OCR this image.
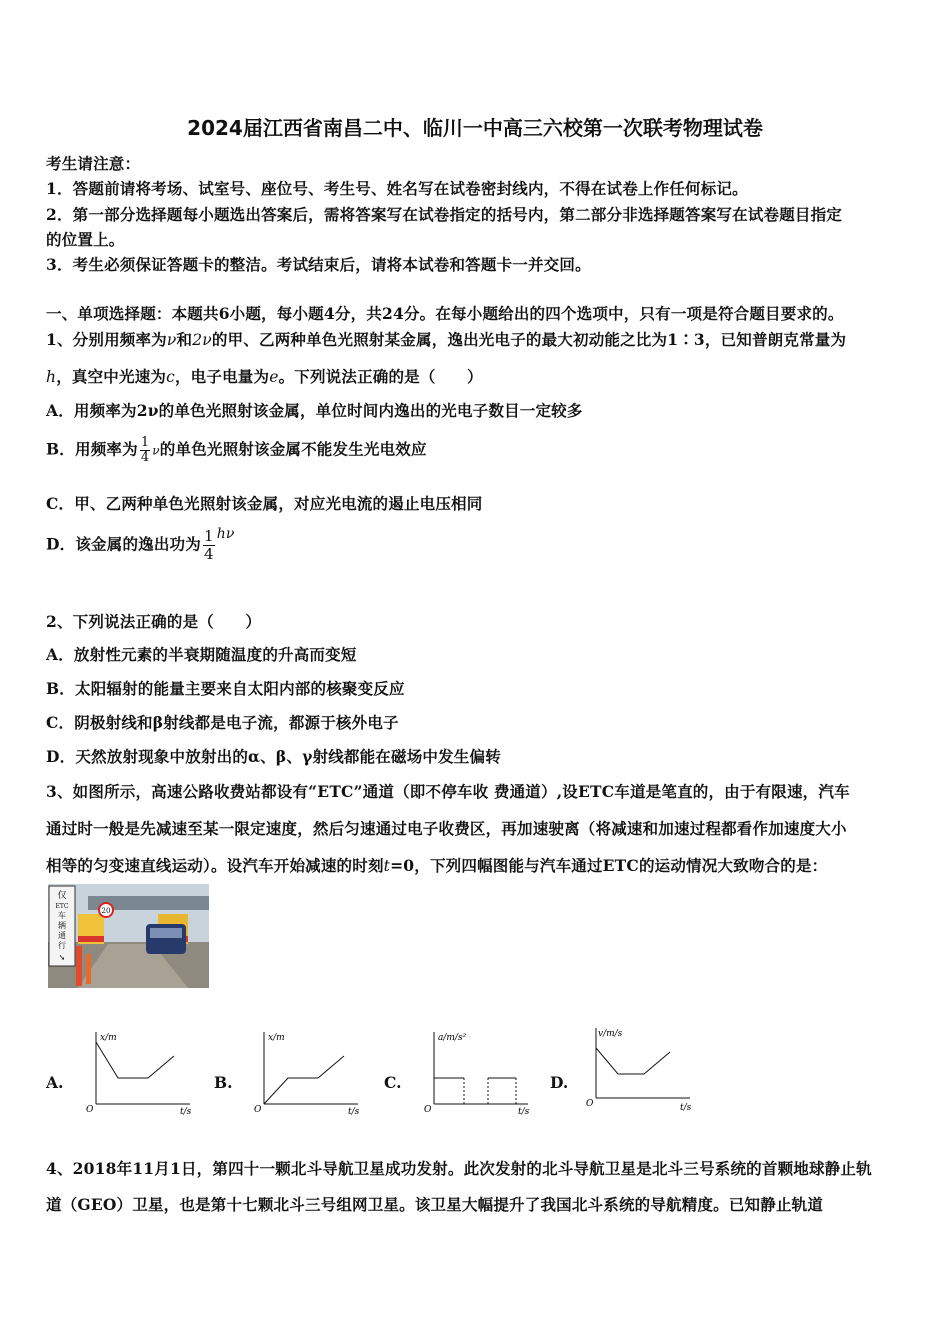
2024届江西省南昌二中、临川一中高三六校第一次联考物理试卷
考生请注意：
1．答题前请将考场、试室号、座位号、考生号、姓名写在试卷密封线内，不得在试卷上作任何标记。
2．第一部分选择题每小题选出答案后，需将答案写在试卷指定的括号内，第二部分非选择题答案写在试卷题目指定
的位置上。
3．考生必须保证答题卡的整洁。考试结束后，请将本试卷和答题卡一并交回。
一、单项选择题：本题共6小题，每小题4分，共24分。在每小题给出的四个选项中，只有一项是符合题目要求的。
1、分别用频率为ν和2ν的甲、乙两种单色光照射某金属，逸出光电子的最大初动能之比为1∶3，已知普朗克常量为
h，真空中光速为c，电子电量为e。下列说法正确的是（　　）
A．用频率为2ν的单色光照射该金属，单位时间内逸出的光电子数目一定较多
B．用频率为 $\frac{1}{4}$ ν的单色光照射该金属不能发生光电效应
C．甲、乙两种单色光照射该金属，对应光电流的遏止电压相同
D．该金属的逸出功为 $\frac{1}{4}$ hν
2、下列说法正确的是（　　）
A．放射性元素的半衰期随温度的升高而变短
B．太阳辐射的能量主要来自太阳内部的核聚变反应
C．阴极射线和β射线都是电子流，都源于核外电子
D．天然放射现象中放射出的α、β、γ射线都能在磁场中发生偏转
3、如图所示，高速公路收费站都设有“ETC”通道（即不停车收 费通道）,设ETC车道是笔直的，由于有限速，汽车
通过时一般是先减速至某一限定速度，然后匀速通过电子收费区，再加速驶离（将减速和加速过程都看作加速度大小
相等的匀变速直线运动）。设汽车开始减速的时刻t=0，下列四幅图能与汽车通过ETC的运动情况大致吻合的是：
仅
ETC
车
辆
通
行
➘
20
A.
x/m
O	t/s
B.
x/m
O	t/s
C.
a/m/s²
O	t/s
D.
v/m/s
O	t/s
4、2018年11月1日，第四十一颗北斗导航卫星成功发射。此次发射的北斗导航卫星是北斗三号系统的首颗地球静止轨
道（GEO）卫星，也是第十七颗北斗三号组网卫星。该卫星大幅提升了我国北斗系统的导航精度。已知静止轨道
